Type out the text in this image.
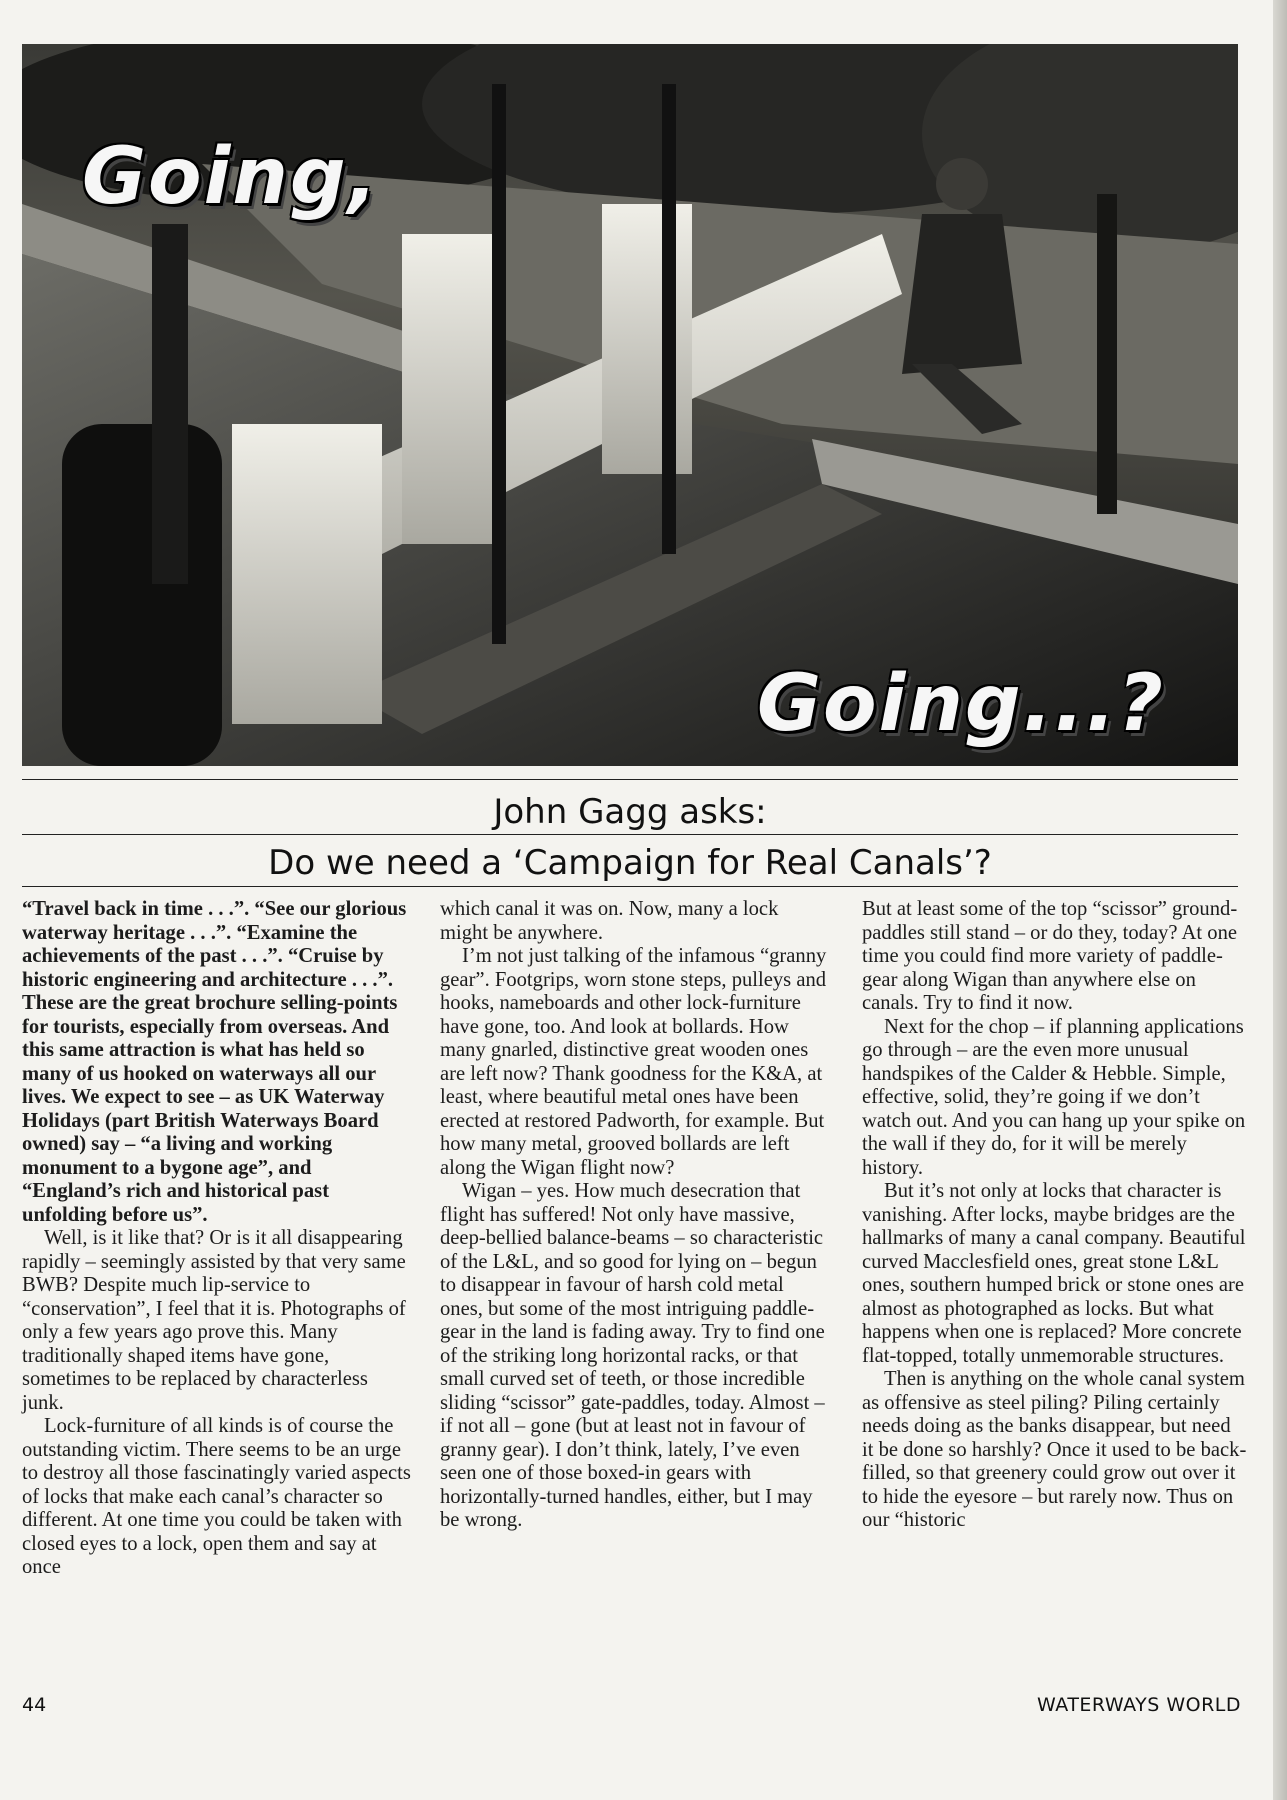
Going,
Going...?
John Gagg asks:
Do we need a ‘Campaign for Real Canals’?

“Travel back in time . . .”. “See our glorious waterway heritage . . .”. “Examine the achievements of the past . . .”. “Cruise by historic engineering and architecture . . .”. These are the great brochure selling-points for tourists, especially from overseas. And this same attraction is what has held so many of us hooked on waterways all our lives. We expect to see – as UK Waterway Holidays (part British Waterways Board owned) say – “a living and working monument to a bygone age”, and “England’s rich and historical past unfolding before us”.

Well, is it like that? Or is it all disappearing rapidly – seemingly assisted by that very same BWB? Despite much lip-service to “conservation”, I feel that it is. Photographs of only a few years ago prove this. Many traditionally shaped items have gone, sometimes to be replaced by characterless junk.

Lock-furniture of all kinds is of course the outstanding victim. There seems to be an urge to destroy all those fascinatingly varied aspects of locks that make each canal’s character so different. At one time you could be taken with closed eyes to a lock, open them and say at once

which canal it was on. Now, many a lock might be anywhere.

I’m not just talking of the infamous “granny gear”. Footgrips, worn stone steps, pulleys and hooks, nameboards and other lock-furniture have gone, too. And look at bollards. How many gnarled, distinctive great wooden ones are left now? Thank goodness for the K&A, at least, where beautiful metal ones have been erected at restored Padworth, for example. But how many metal, grooved bollards are left along the Wigan flight now?

Wigan – yes. How much desecration that flight has suffered! Not only have massive, deep-bellied balance-beams – so characteristic of the L&L, and so good for lying on – begun to disappear in favour of harsh cold metal ones, but some of the most intriguing paddle-gear in the land is fading away. Try to find one of the striking long horizontal racks, or that small curved set of teeth, or those incredible sliding “scissor” gate-paddles, today. Almost – if not all – gone (but at least not in favour of granny gear). I don’t think, lately, I’ve even seen one of those boxed-in gears with horizontally-turned handles, either, but I may be wrong.

But at least some of the top “scissor” ground-paddles still stand – or do they, today? At one time you could find more variety of paddle-gear along Wigan than anywhere else on canals. Try to find it now.

Next for the chop – if planning applications go through – are the even more unusual handspikes of the Calder & Hebble. Simple, effective, solid, they’re going if we don’t watch out. And you can hang up your spike on the wall if they do, for it will be merely history.

But it’s not only at locks that character is vanishing. After locks, maybe bridges are the hallmarks of many a canal company. Beautiful curved Macclesfield ones, great stone L&L ones, southern humped brick or stone ones are almost as photographed as locks. But what happens when one is replaced? More concrete flat-topped, totally unmemorable structures.

Then is anything on the whole canal system as offensive as steel piling? Piling certainly needs doing as the banks disappear, but need it be done so harshly? Once it used to be back-filled, so that greenery could grow out over it to hide the eyesore – but rarely now. Thus on our “historic

44	WATERWAYS WORLD
